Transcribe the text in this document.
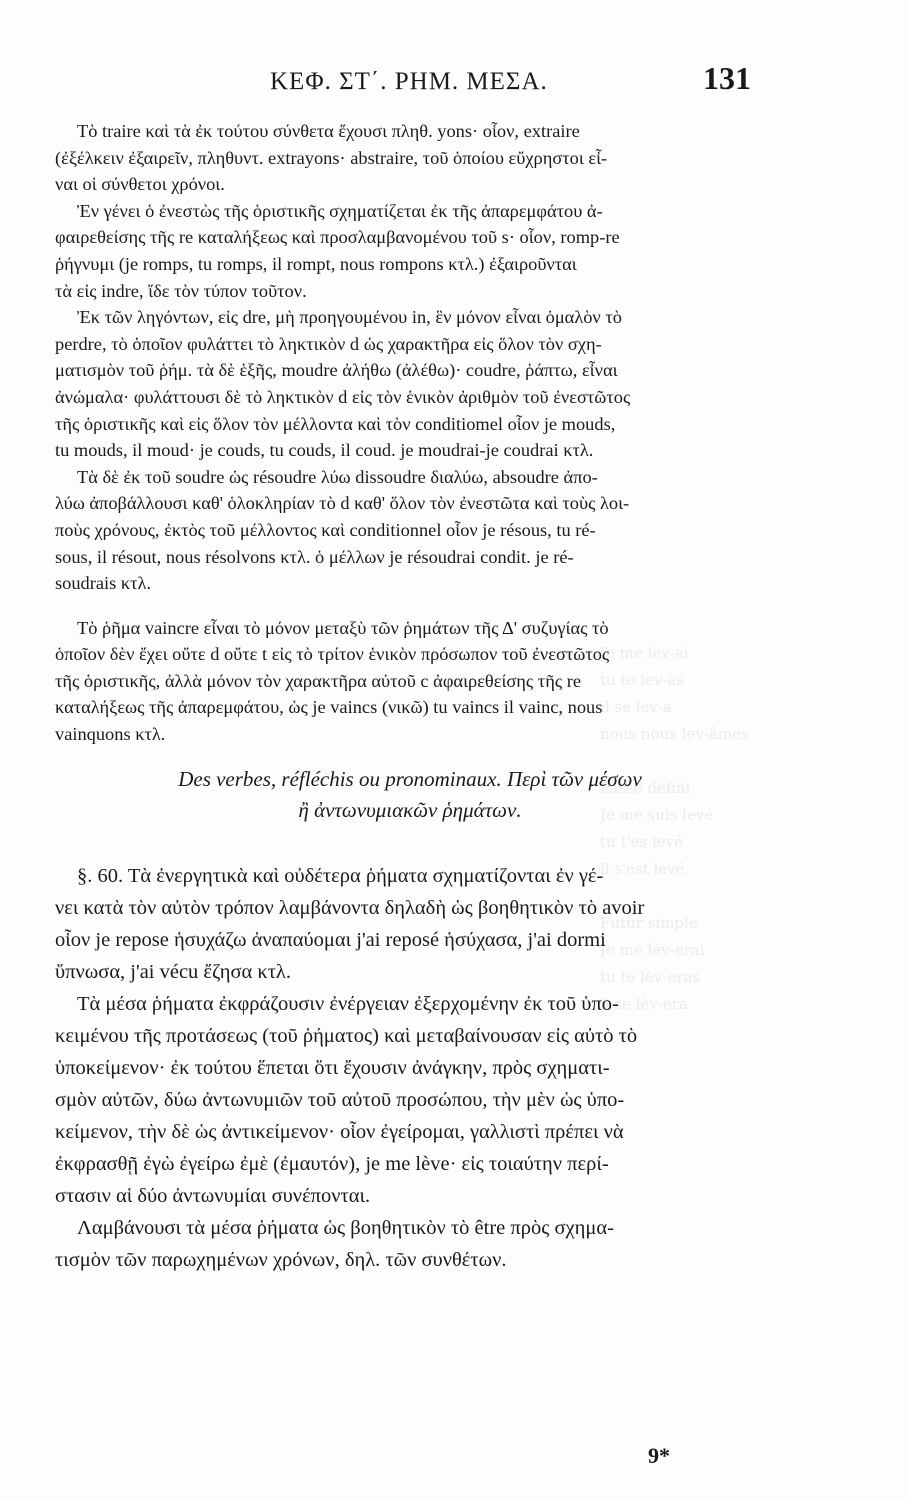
Je me lev-ai
tu te lev-as
il se lev-a
nous nous lev-âmes

Passé défini
Je me suis levé
tu t'es levé
il s'est levé

Futur simple
Je me lèv-erai
tu te lèv-eras
il se lèv-era
ΚΕΦ. ΣΤ΄. ΡΗΜ. ΜΕΣΑ.	131
Τὸ traire καὶ τὰ ἐκ τούτου σύνθετα ἔχουσι πληθ. yons· οἷον, extraire
(ἐξέλκειν ἐξαιρεῖν, πληθυντ. extrayons· abstraire, τοῦ ὁποίου εὔχρηστοι εἶ-
ναι οἱ σύνθετοι χρόνοι.
Ἐν γένει ὁ ἐνεστὼς τῆς ὁριστικῆς σχηματίζεται ἐκ τῆς ἀπαρεμφάτου ἀ-
φαιρεθείσης τῆς re καταλήξεως καὶ προσλαμβανομένου τοῦ s· οἷον, romp-re
ῥήγνυμι (je romps, tu romps, il rompt, nous rompons κτλ.) ἐξαιροῦνται
τὰ εἰς indre, ἴδε τὸν τύπον τοῦτον.
Ἐκ τῶν ληγόντων, εἰς dre, μὴ προηγουμένου in, ἓν μόνον εἶναι ὁμαλὸν τὸ
perdre, τὸ ὁποῖον φυλάττει τὸ ληκτικὸν d ὡς χαρακτῆρα εἰς ὅλον τὸν σχη-
ματισμὸν τοῦ ῥήμ. τὰ δὲ ἑξῆς, moudre ἀλήθω (ἀλέθω)· coudre, ῥάπτω, εἶναι
ἀνώμαλα· φυλάττουσι δὲ τὸ ληκτικὸν d εἰς τὸν ἑνικὸν ἀριθμὸν τοῦ ἐνεστῶτος
τῆς ὁριστικῆς καὶ εἰς ὅλον τὸν μέλλοντα καὶ τὸν conditiomel οἷον je mouds,
tu mouds, il moud· je couds, tu couds, il coud. je moudrai-je coudrai κτλ.
Τὰ δὲ ἐκ τοῦ soudre ὡς résoudre λύω dissoudre διαλύω, absoudre ἀπο-
λύω ἀποβάλλουσι καθ' ὁλοκληρίαν τὸ d καθ' ὅλον τὸν ἐνεστῶτα καὶ τοὺς λοι-
ποὺς χρόνους, ἐκτὸς τοῦ μέλλοντος καὶ conditionnel οἷον je résous, tu ré-
sous, il résout, nous résolvons κτλ. ὁ μέλλων je résoudrai condit. je ré-
soudrais κτλ.
Τὸ ῥῆμα vaincre εἶναι τὸ μόνον μεταξὺ τῶν ῥημάτων τῆς Δ' συζυγίας τὸ
ὁποῖον δὲν ἔχει οὔτε d οὔτε t εἰς τὸ τρίτον ἑνικὸν πρόσωπον τοῦ ἐνεστῶτος
τῆς ὁριστικῆς, ἀλλὰ μόνον τὸν χαρακτῆρα αὐτοῦ c ἀφαιρεθείσης τῆς re
καταλήξεως τῆς ἀπαρεμφάτου, ὡς je vaincs (νικῶ) tu vaincs il vainc, nous
vainquons κτλ.
Des verbes, réfléchis ou pronominaux. Περὶ τῶν μέσων
ἢ ἀντωνυμιακῶν ῥημάτων.
§. 60. Τὰ ἐνεργητικὰ καὶ οὐδέτερα ῥήματα σχηματίζονται ἐν γέ-
νει κατὰ τὸν αὐτὸν τρόπον λαμβάνοντα δηλαδὴ ὡς βοηθητικὸν τὸ avoir
οἷον je repose ἡσυχάζω ἀναπαύομαι j'ai reposé ἡσύχασα, j'ai dormi
ὕπνωσα, j'ai vécu ἔζησα κτλ.
Τὰ μέσα ῥήματα ἐκφράζουσιν ἐνέργειαν ἐξερχομένην ἐκ τοῦ ὑπο-
κειμένου τῆς προτάσεως (τοῦ ῥήματος) καὶ μεταβαίνουσαν εἰς αὐτὸ τὸ
ὑποκείμενον· ἐκ τούτου ἕπεται ὅτι ἔχουσιν ἀνάγκην, πρὸς σχηματι-
σμὸν αὐτῶν, δύω ἀντωνυμιῶν τοῦ αὐτοῦ προσώπου, τὴν μὲν ὡς ὑπο-
κείμενον, τὴν δὲ ὡς ἀντικείμενον· οἷον ἐγείρομαι, γαλλιστὶ πρέπει νὰ
ἐκφρασθῇ ἐγὼ ἐγείρω ἐμὲ (ἐμαυτόν), je me lève· εἰς τοιαύτην περί-
στασιν αἱ δύο ἀντωνυμίαι συνέπονται.
Λαμβάνουσι τὰ μέσα ῥήματα ὡς βοηθητικὸν τὸ être πρὸς σχημα-
τισμὸν τῶν παρωχημένων χρόνων, δηλ. τῶν συνθέτων.
9*
